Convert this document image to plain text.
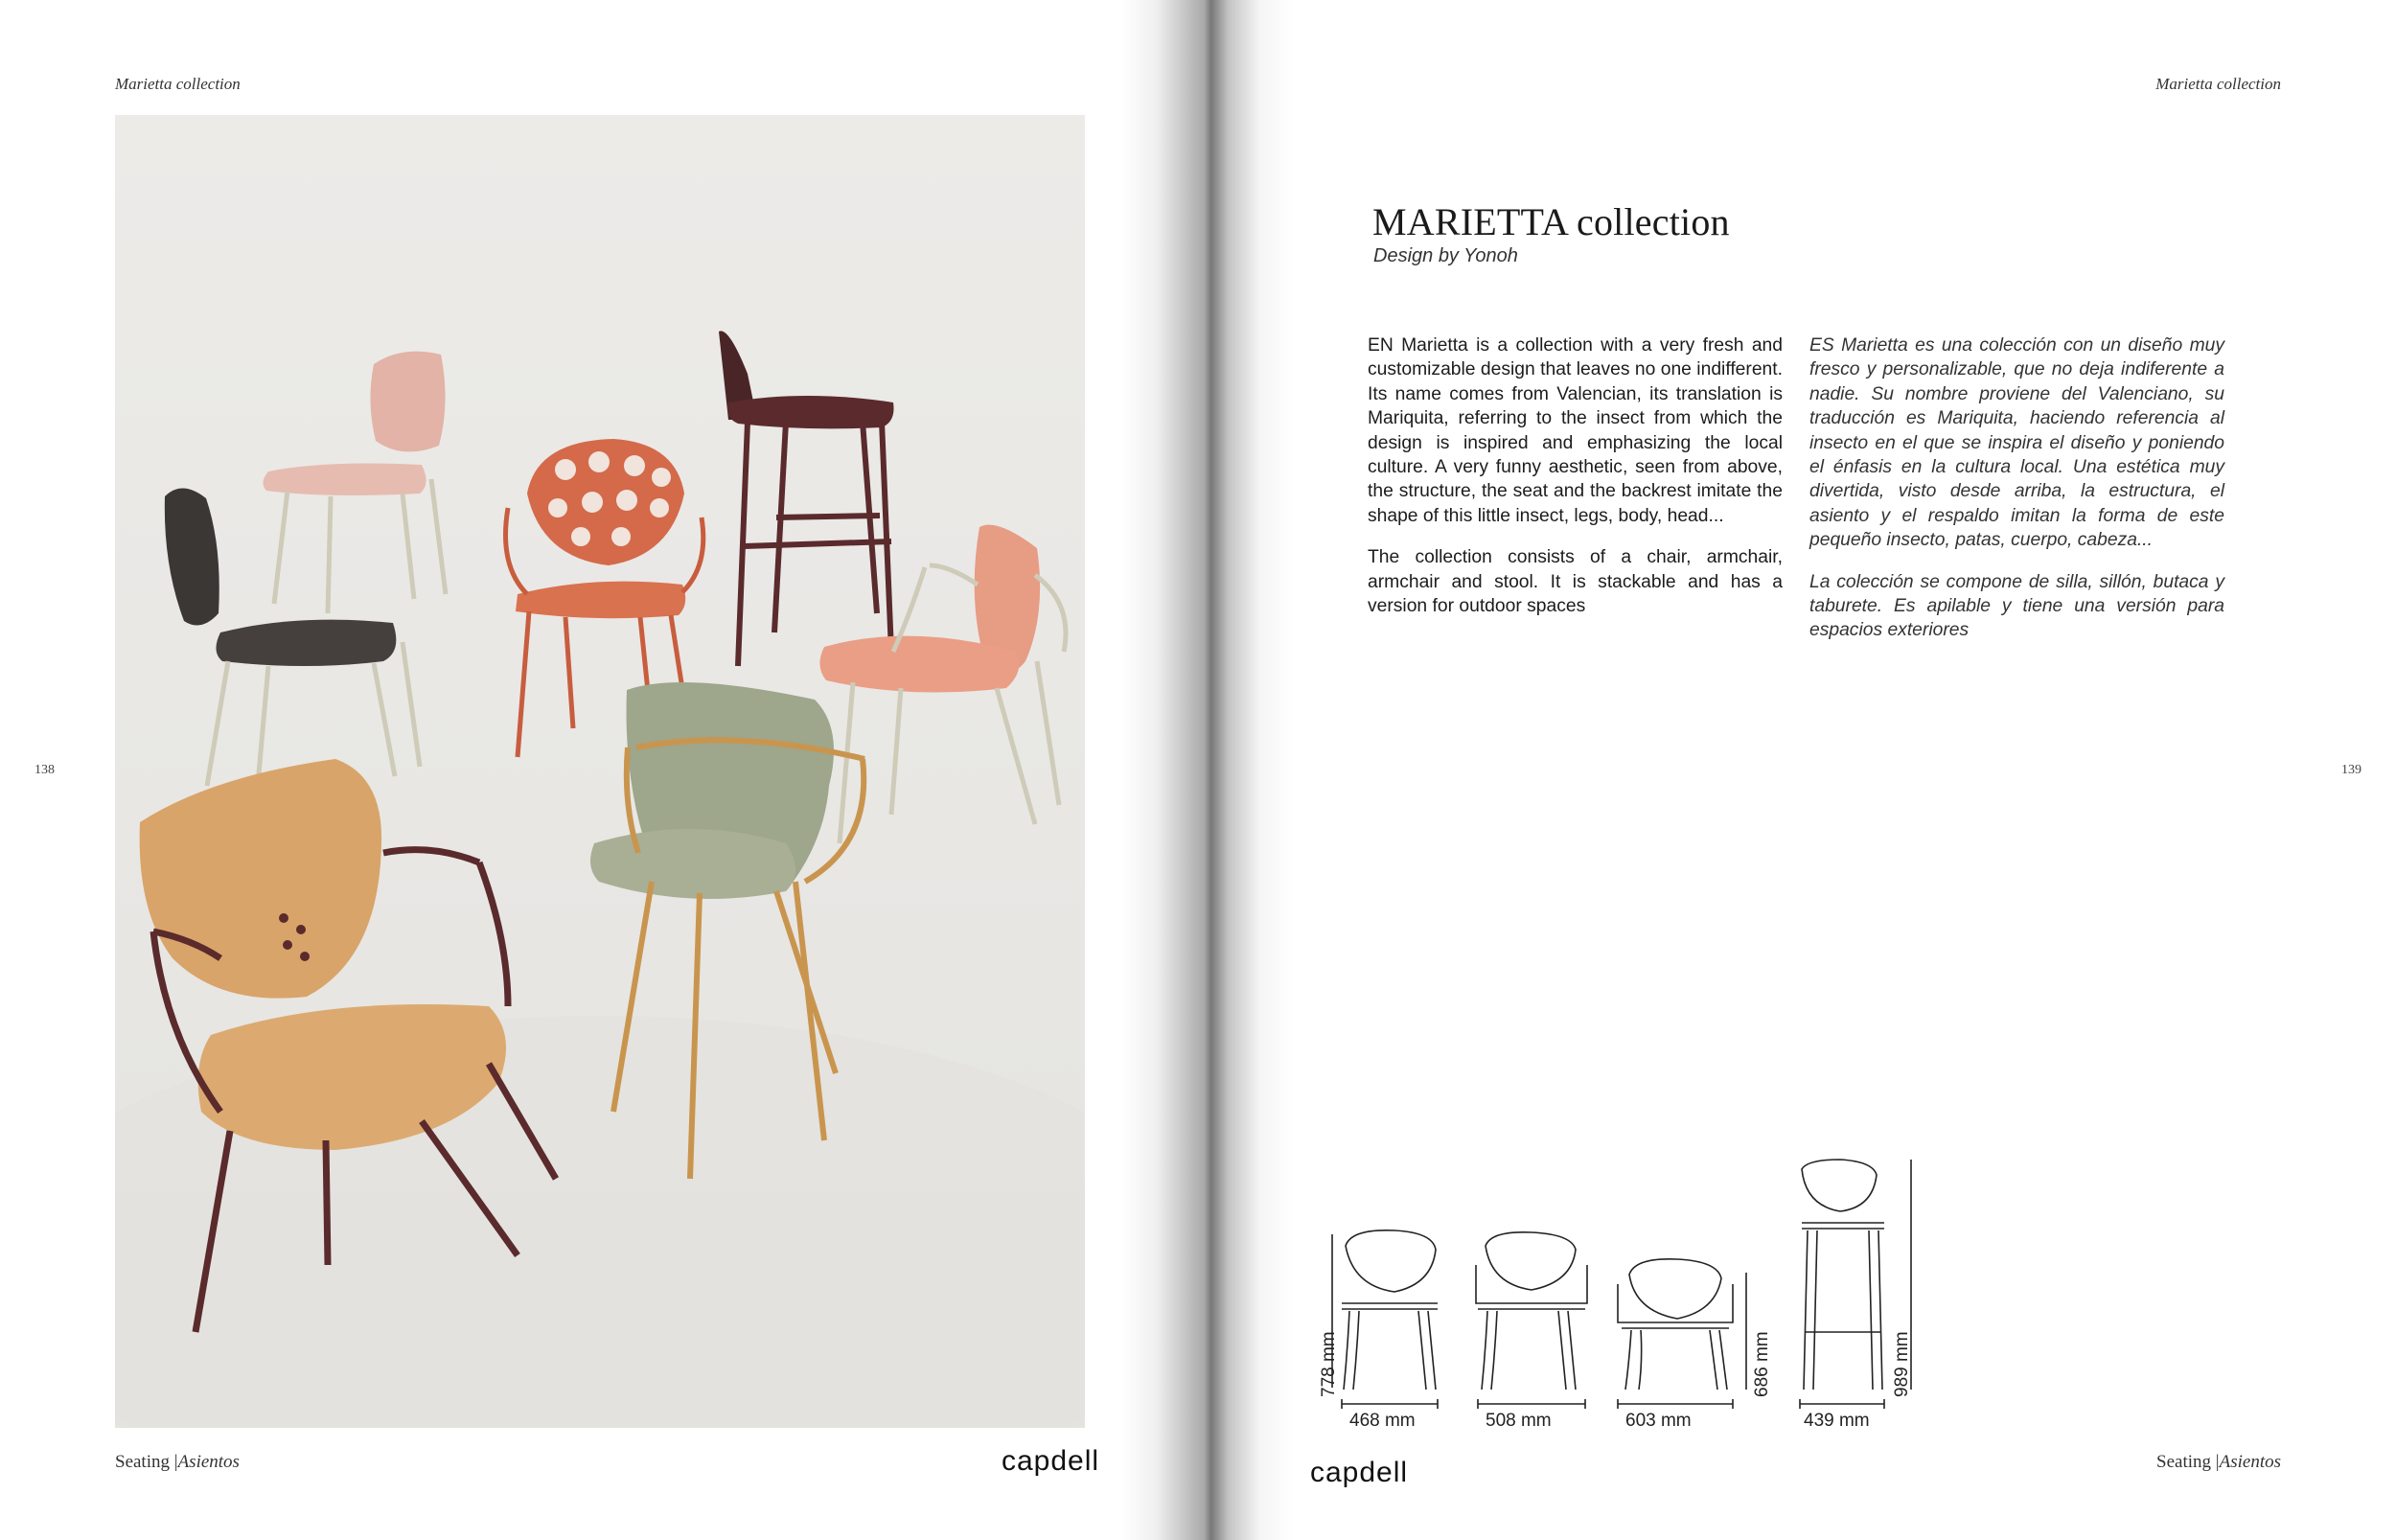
Marietta collection
138
Seating |Asientos	capdell
Marietta collection
139
MARIETTA collection
Design by Yonoh

EN Marietta is a collection with a very fresh and customizable design that leaves no one indifferent. Its name comes from Valencian, its translation is Mariquita, referring to the insect from which the design is inspired and emphasizing the local culture. A very funny aesthetic, seen from above, the structure, the seat and the backrest imitate the shape of this little insect, legs, body, head...

The collection consists of a chair, armchair, armchair and stool. It is stackable and has a version for outdoor spaces

ES Marietta es una colección con un diseño muy fresco y personalizable, que no deja indiferente a nadie. Su nombre proviene del Valenciano, su traducción es Mariquita, haciendo referencia al insecto en el que se inspira el diseño y poniendo el énfasis en la cultura local. Una estética muy divertida, visto desde arriba, la estructura, el asiento y el respaldo imitan la forma de este pequeño insecto, patas, cuerpo, cabeza...

La colección se compone de silla, sillón, butaca y taburete. Es apilable y tiene una versión para espacios exteriores

778 mm	686 mm	989 mm
468 mm	508 mm	603 mm	439 mm
capdell	Seating |Asientos
